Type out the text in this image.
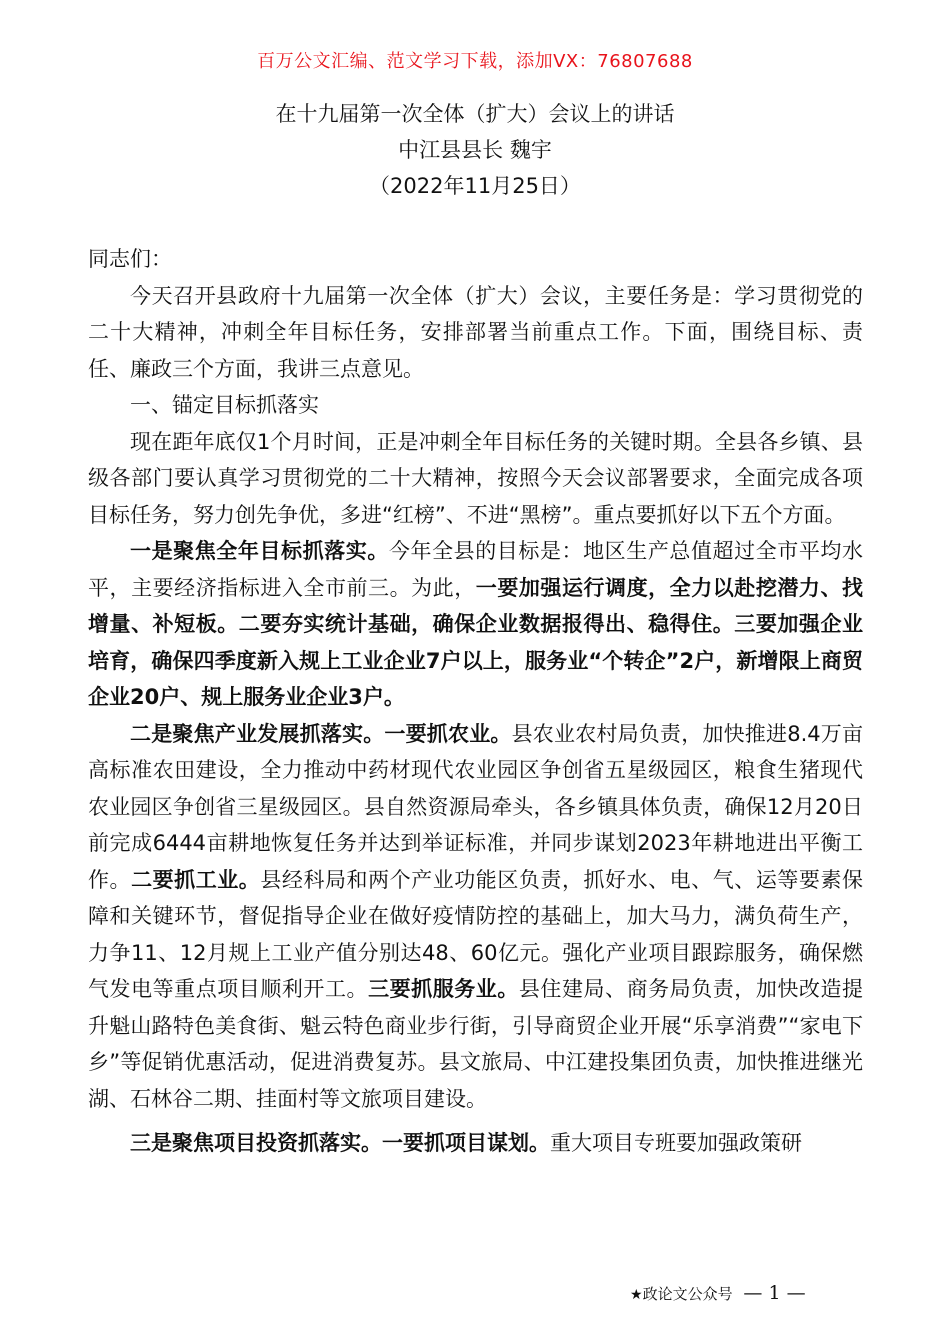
百万公文汇编、范文学习下载，添加VX：76807688
在十九届第一次全体（扩大）会议上的讲话
中江县县长 魏宇
（2022年11月25日）

同志们：

今天召开县政府十九届第一次全体（扩大）会议，主要任务是：学习贯彻党的二十大精神，冲刺全年目标任务，安排部署当前重点工作。下面，围绕目标、责任、廉政三个方面，我讲三点意见。

一、锚定目标抓落实

现在距年底仅1个月时间，正是冲刺全年目标任务的关键时期。全县各乡镇、县级各部门要认真学习贯彻党的二十大精神，按照今天会议部署要求，全面完成各项目标任务，努力创先争优，多进“红榜”、不进“黑榜”。重点要抓好以下五个方面。

一是聚焦全年目标抓落实。今年全县的目标是：地区生产总值超过全市平均水平，主要经济指标进入全市前三。为此，一要加强运行调度，全力以赴挖潜力、找增量、补短板。二要夯实统计基础，确保企业数据报得出、稳得住。三要加强企业培育，确保四季度新入规上工业企业7户以上，服务业“个转企”2户，新增限上商贸企业20户、规上服务业企业3户。

二是聚焦产业发展抓落实。一要抓农业。县农业农村局负责，加快推进8.4万亩高标准农田建设，全力推动中药材现代农业园区争创省五星级园区，粮食生猪现代农业园区争创省三星级园区。县自然资源局牵头，各乡镇具体负责，确保12月20日前完成6444亩耕地恢复任务并达到举证标准，并同步谋划2023年耕地进出平衡工作。二要抓工业。县经科局和两个产业功能区负责，抓好水、电、气、运等要素保障和关键环节，督促指导企业在做好疫情防控的基础上，加大马力，满负荷生产，力争11、12月规上工业产值分别达48、60亿元。强化产业项目跟踪服务，确保燃气发电等重点项目顺利开工。三要抓服务业。县住建局、商务局负责，加快改造提升魁山路特色美食街、魁云特色商业步行街，引导商贸企业开展“乐享消费”“家电下乡”等促销优惠活动，促进消费复苏。县文旅局、中江建投集团负责，加快推进继光湖、石林谷二期、挂面村等文旅项目建设。

三是聚焦项目投资抓落实。一要抓项目谋划。重大项目专班要加强政策研

★政论文公众号  — 1 —
